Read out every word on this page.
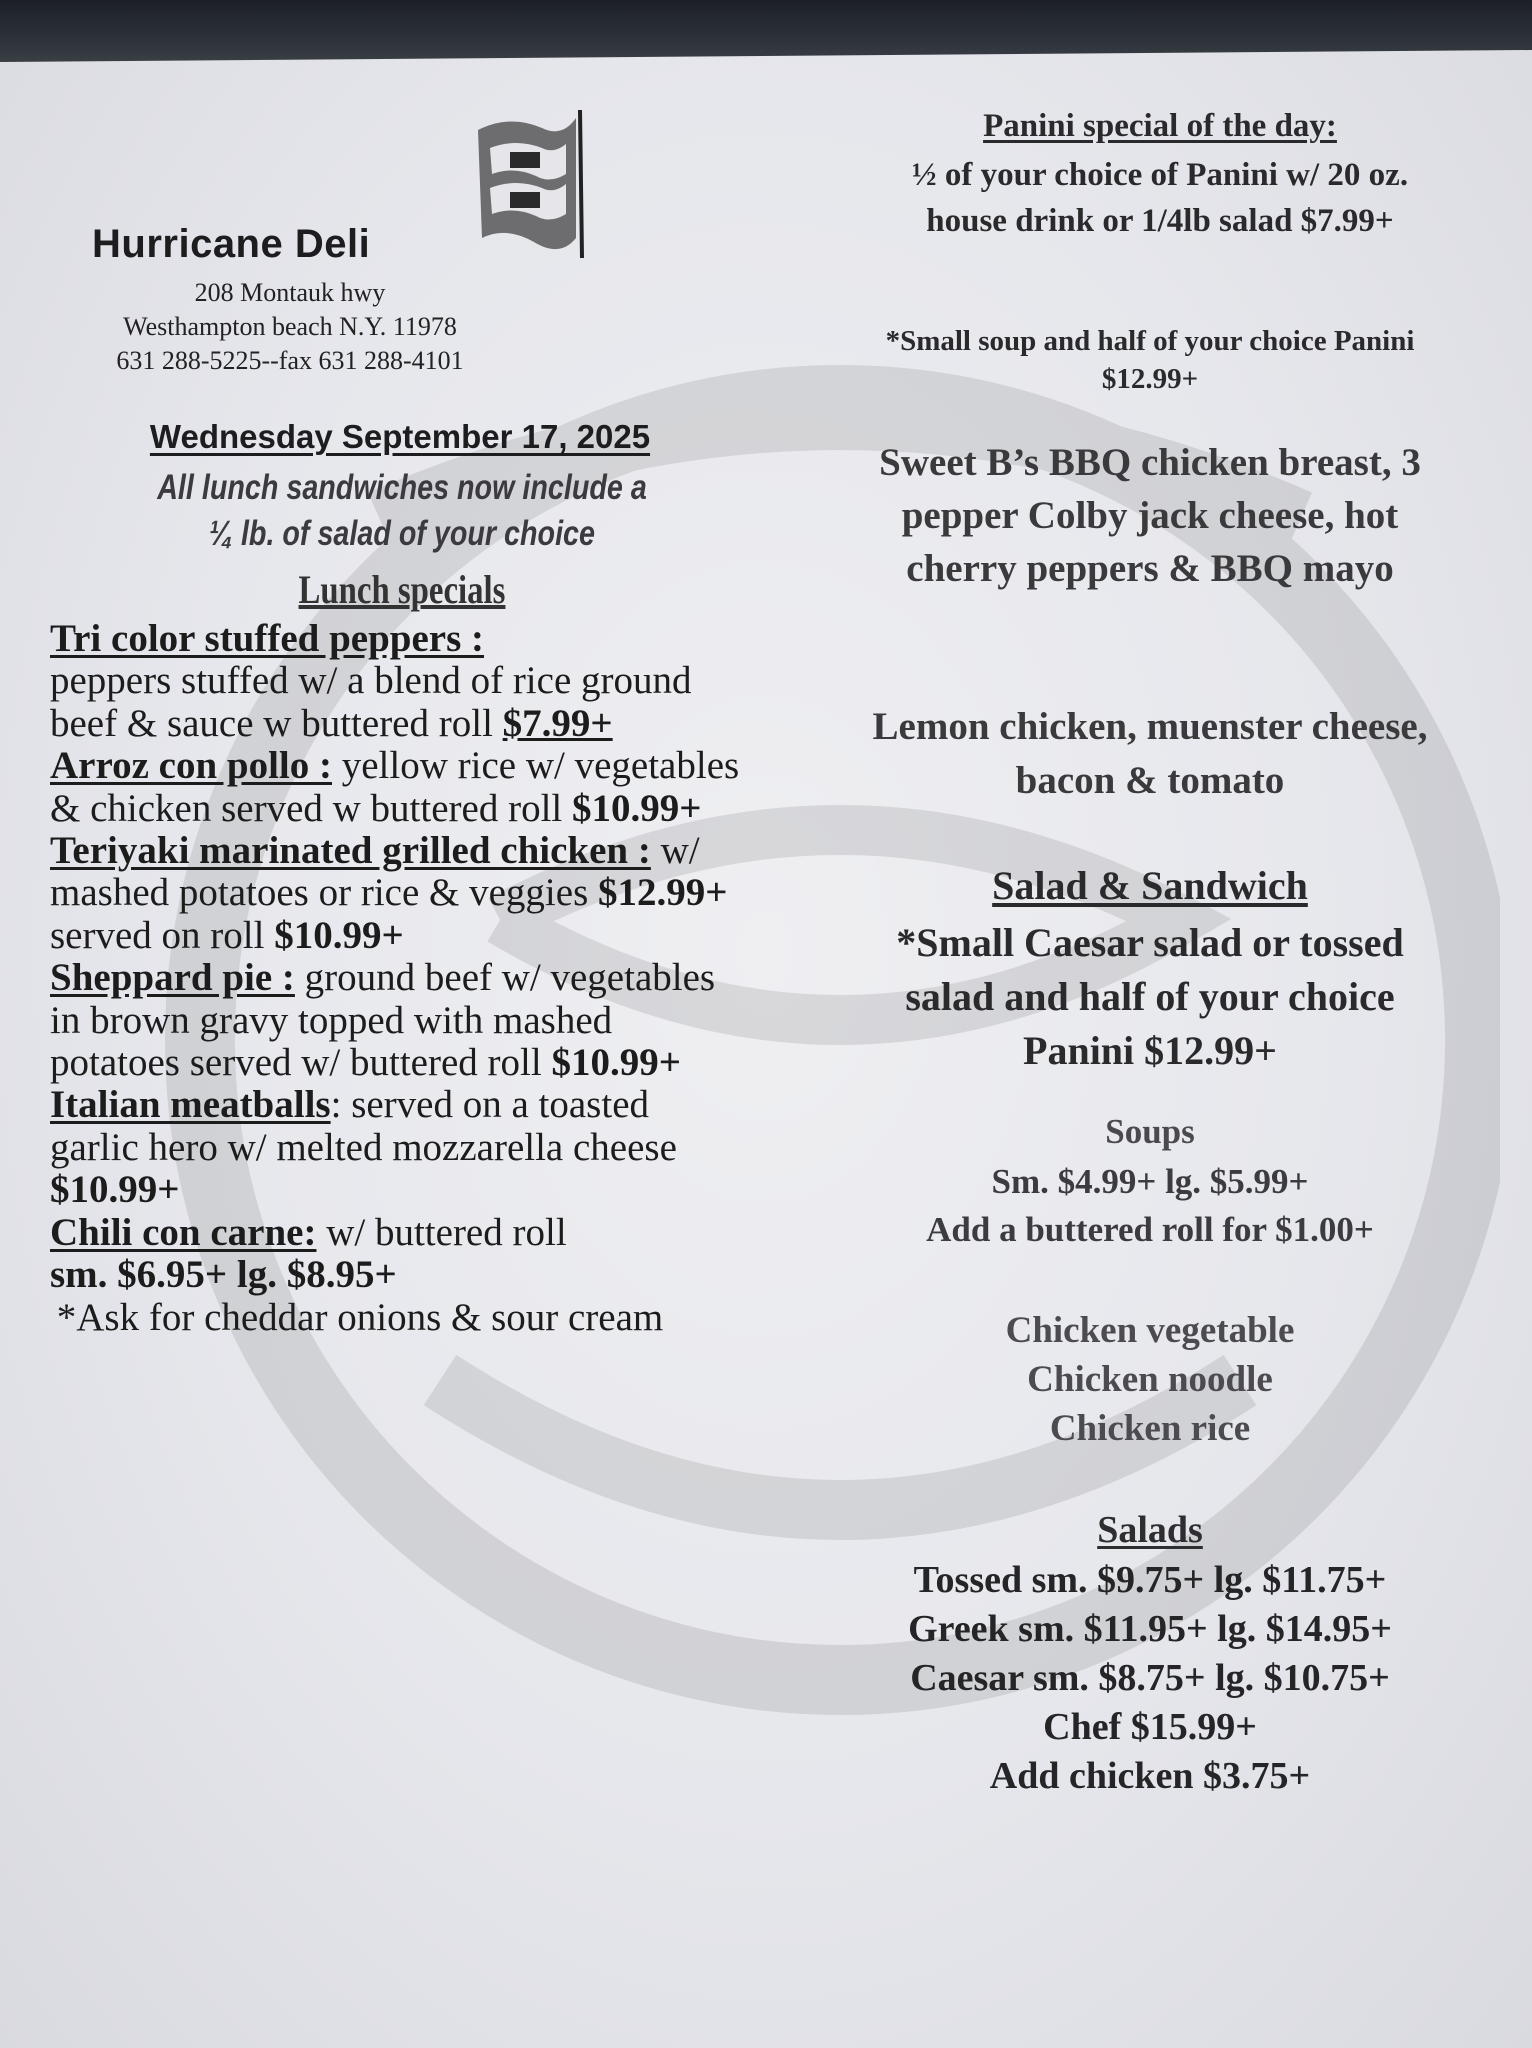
Hurricane Deli
208 Montauk hwy
Westhampton beach N.Y. 11978
631 288-5225--fax 631 288-4101
Wednesday September 17, 2025
All lunch sandwiches now include a
¼ lb. of salad of your choice
Lunch specials

Tri color stuffed peppers :
peppers stuffed w/ a blend of rice ground beef & sauce w buttered roll $7.99+

Arroz con pollo : yellow rice w/ vegetables & chicken served w buttered roll $10.99+

Teriyaki marinated grilled chicken : w/ mashed potatoes or rice & veggies $12.99+ served on roll $10.99+

Sheppard pie : ground beef w/ vegetables in brown gravy topped with mashed potatoes served w/ buttered roll $10.99+

Italian meatballs: served on a toasted garlic hero w/ melted mozzarella cheese $10.99+

Chili con carne: w/ buttered roll
sm. $6.95+ lg. $8.95+

*Ask for cheddar onions & sour cream
Panini special of the day:
½ of your choice of Panini w/ 20 oz.
house drink or 1/4lb salad $7.99+
*Small soup and half of your choice Panini
$12.99+
Sweet B’s BBQ chicken breast, 3
pepper Colby jack cheese, hot
cherry peppers & BBQ mayo
Lemon chicken, muenster cheese,
bacon & tomato
Salad & Sandwich
*Small Caesar salad or tossed
salad and half of your choice
Panini $12.99+
Soups
Sm. $4.99+ lg. $5.99+
Add a buttered roll for $1.00+
Chicken vegetable
Chicken noodle
Chicken rice
Salads
Tossed sm. $9.75+ lg. $11.75+
Greek sm. $11.95+ lg. $14.95+
Caesar sm. $8.75+ lg. $10.75+
Chef $15.99+
Add chicken $3.75+
